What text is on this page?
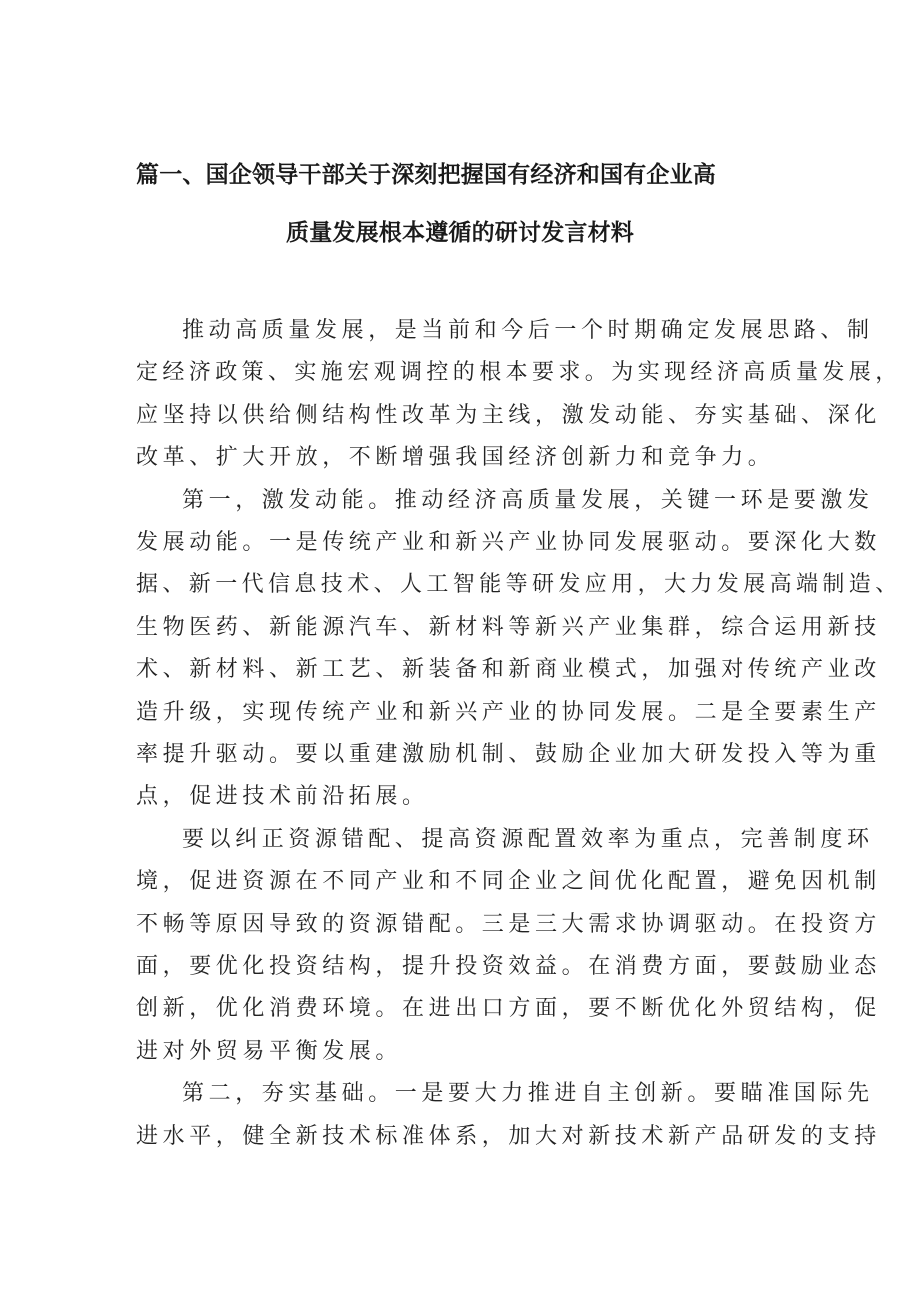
篇一、国企领导干部关于深刻把握国有经济和国有企业高
质量发展根本遵循的研讨发言材料
推动高质量发展，是当前和今后一个时期确定发展思路、制
定经济政策、实施宏观调控的根本要求。为实现经济高质量发展，
应坚持以供给侧结构性改革为主线，激发动能、夯实基础、深化
改革、扩大开放，不断增强我国经济创新力和竞争力。
第一，激发动能。推动经济高质量发展，关键一环是要激发
发展动能。一是传统产业和新兴产业协同发展驱动。要深化大数
据、新一代信息技术、人工智能等研发应用，大力发展高端制造、
生物医药、新能源汽车、新材料等新兴产业集群，综合运用新技
术、新材料、新工艺、新装备和新商业模式，加强对传统产业改
造升级，实现传统产业和新兴产业的协同发展。二是全要素生产
率提升驱动。要以重建激励机制、鼓励企业加大研发投入等为重
点，促进技术前沿拓展。
要以纠正资源错配、提高资源配置效率为重点，完善制度环
境，促进资源在不同产业和不同企业之间优化配置，避免因机制
不畅等原因导致的资源错配。三是三大需求协调驱动。在投资方
面，要优化投资结构，提升投资效益。在消费方面，要鼓励业态
创新，优化消费环境。在进出口方面，要不断优化外贸结构，促
进对外贸易平衡发展。
第二，夯实基础。一是要大力推进自主创新。要瞄准国际先
进水平，健全新技术标准体系，加大对新技术新产品研发的支持
